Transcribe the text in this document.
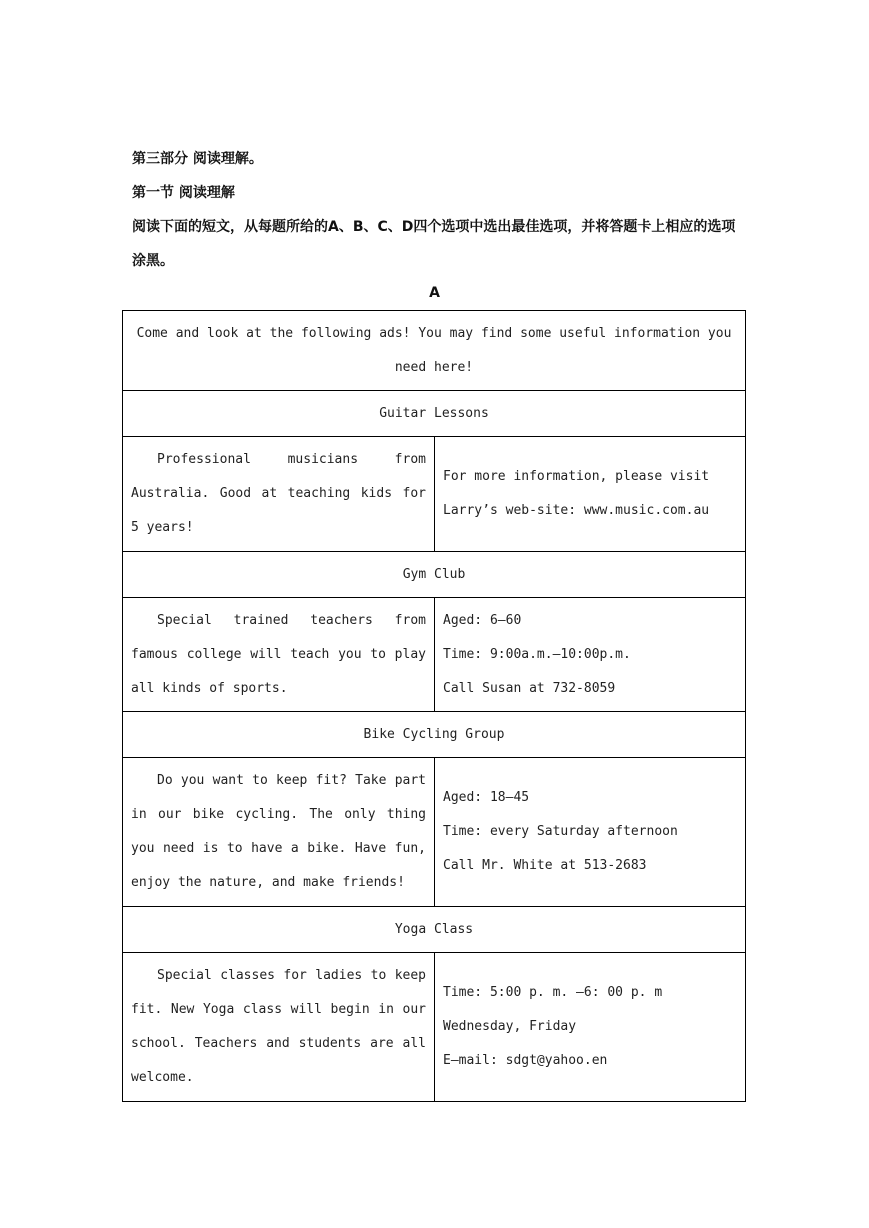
第三部分 阅读理解。
第一节 阅读理解
阅读下面的短文，从每题所给的A、B、C、D四个选项中选出最佳选项，并将答题卡上相应的选项涂黑。
A
Come and look at the following ads! You may find some useful information you need here!	
Guitar Lessons	
Professional musicians from Australia. Good at teaching kids for 5 years!	For more information, please visit Larry’s web-site: www.music.com.au

Gym Club	
Special trained teachers from famous college will teach you to play all kinds of sports.	Aged: 6—60
Time: 9:00a.m.—10:00p.m.
Call Susan at 732-8059

Bike Cycling Group	
Do you want to keep fit? Take part in our bike cycling. The only thing you need is to have a bike. Have fun, enjoy the nature, and make friends!	Aged: 18—45
Time: every Saturday afternoon
Call Mr. White at 513-2683

Yoga Class	
Special classes for ladies to keep fit. New Yoga class will begin in our school. Teachers and students are all welcome.	Time: 5:00 p. m. —6: 00 p. m Wednesday, Friday
E—mail: sdgt@yahoo.en
